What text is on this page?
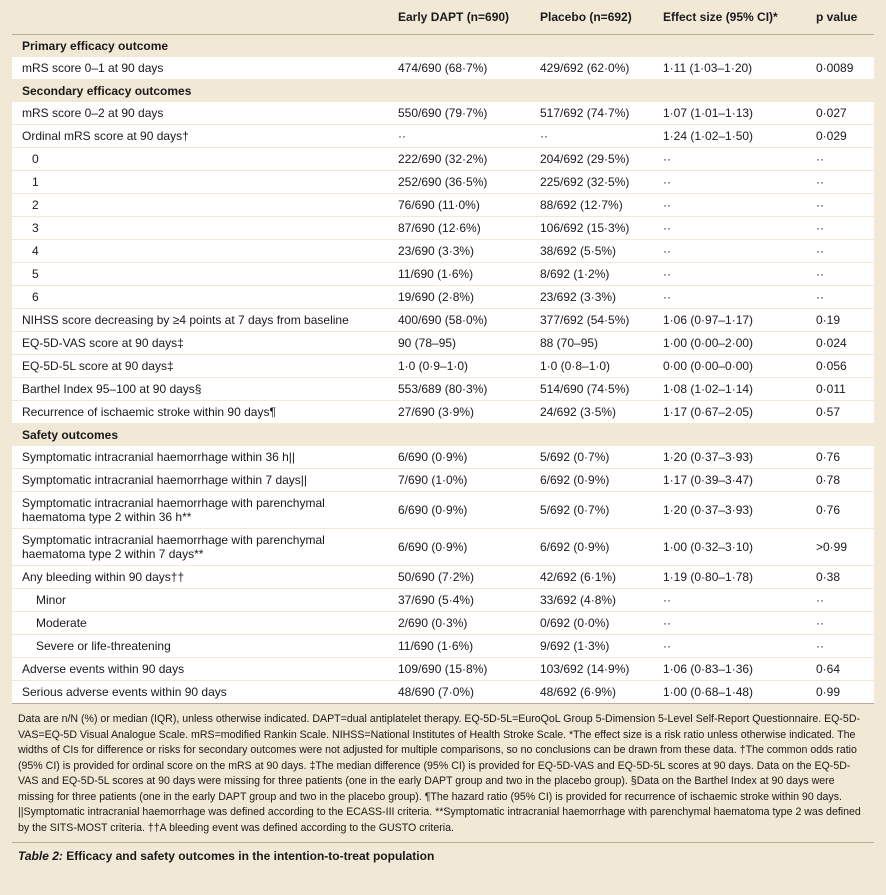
	Early DAPT (n=690)	Placebo (n=692)	Effect size (95% CI)*	p value
Primary efficacy outcome				
mRS score 0–1 at 90 days	474/690 (68·7%)	429/692 (62·0%)	1·11 (1·03–1·20)	0·0089
Secondary efficacy outcomes				
mRS score 0–2 at 90 days	550/690 (79·7%)	517/692 (74·7%)	1·07 (1·01–1·13)	0·027
Ordinal mRS score at 90 days†	··	··	1·24 (1·02–1·50)	0·029
0	222/690 (32·2%)	204/692 (29·5%)	··	··
1	252/690 (36·5%)	225/692 (32·5%)	··	··
2	76/690 (11·0%)	88/692 (12·7%)	··	··
3	87/690 (12·6%)	106/692 (15·3%)	··	··
4	23/690 (3·3%)	38/692 (5·5%)	··	··
5	11/690 (1·6%)	8/692 (1·2%)	··	··
6	19/690 (2·8%)	23/692 (3·3%)	··	··
NIHSS score decreasing by ≥4 points at 7 days from baseline	400/690 (58·0%)	377/692 (54·5%)	1·06 (0·97–1·17)	0·19
EQ-5D-VAS score at 90 days‡	90 (78–95)	88 (70–95)	1·00 (0·00–2·00)	0·024
EQ-5D-5L score at 90 days‡	1·0 (0·9–1·0)	1·0 (0·8–1·0)	0·00 (0·00–0·00)	0·056
Barthel Index 95–100 at 90 days§	553/689 (80·3%)	514/690 (74·5%)	1·08 (1·02–1·14)	0·011
Recurrence of ischaemic stroke within 90 days¶	27/690 (3·9%)	24/692 (3·5%)	1·17 (0·67–2·05)	0·57
Safety outcomes				
Symptomatic intracranial haemorrhage within 36 h||	6/690 (0·9%)	5/692 (0·7%)	1·20 (0·37–3·93)	0·76
Symptomatic intracranial haemorrhage within 7 days||	7/690 (1·0%)	6/692 (0·9%)	1·17 (0·39–3·47)	0·78
Symptomatic intracranial haemorrhage with parenchymal haematoma type 2 within 36 h**	6/690 (0·9%)	5/692 (0·7%)	1·20 (0·37–3·93)	0·76
Symptomatic intracranial haemorrhage with parenchymal haematoma type 2 within 7 days**	6/690 (0·9%)	6/692 (0·9%)	1·00 (0·32–3·10)	>0·99
Any bleeding within 90 days††	50/690 (7·2%)	42/692 (6·1%)	1·19 (0·80–1·78)	0·38
Minor	37/690 (5·4%)	33/692 (4·8%)	··	··
Moderate	2/690 (0·3%)	0/692 (0·0%)	··	··
Severe or life-threatening	11/690 (1·6%)	9/692 (1·3%)	··	··
Adverse events within 90 days	109/690 (15·8%)	103/692 (14·9%)	1·06 (0·83–1·36)	0·64
Serious adverse events within 90 days	48/690 (7·0%)	48/692 (6·9%)	1·00 (0·68–1·48)	0·99

Data are n/N (%) or median (IQR), unless otherwise indicated. DAPT=dual antiplatelet therapy. EQ-5D-5L=EuroQoL Group 5-Dimension 5-Level Self-Report Questionnaire. EQ-5D-VAS=EQ-5D Visual Analogue Scale. mRS=modified Rankin Scale. NIHSS=National Institutes of Health Stroke Scale. *The effect size is a risk ratio unless otherwise indicated. The widths of CIs for difference or risks for secondary outcomes were not adjusted for multiple comparisons, so no conclusions can be drawn from these data. †The common odds ratio (95% CI) is provided for ordinal score on the mRS at 90 days. ‡The median difference (95% CI) is provided for EQ-5D-VAS and EQ-5D-5L scores at 90 days. Data on the EQ-5D-VAS and EQ-5D-5L scores at 90 days were missing for three patients (one in the early DAPT group and two in the placebo group). §Data on the Barthel Index at 90 days were missing for three patients (one in the early DAPT group and two in the placebo group). ¶The hazard ratio (95% CI) is provided for recurrence of ischaemic stroke within 90 days. ||Symptomatic intracranial haemorrhage was defined according to the ECASS-III criteria. **Symptomatic intracranial haemorrhage with parenchymal haematoma type 2 was defined by the SITS-MOST criteria. ††A bleeding event was defined according to the GUSTO criteria.

Table 2: Efficacy and safety outcomes in the intention-to-treat population
